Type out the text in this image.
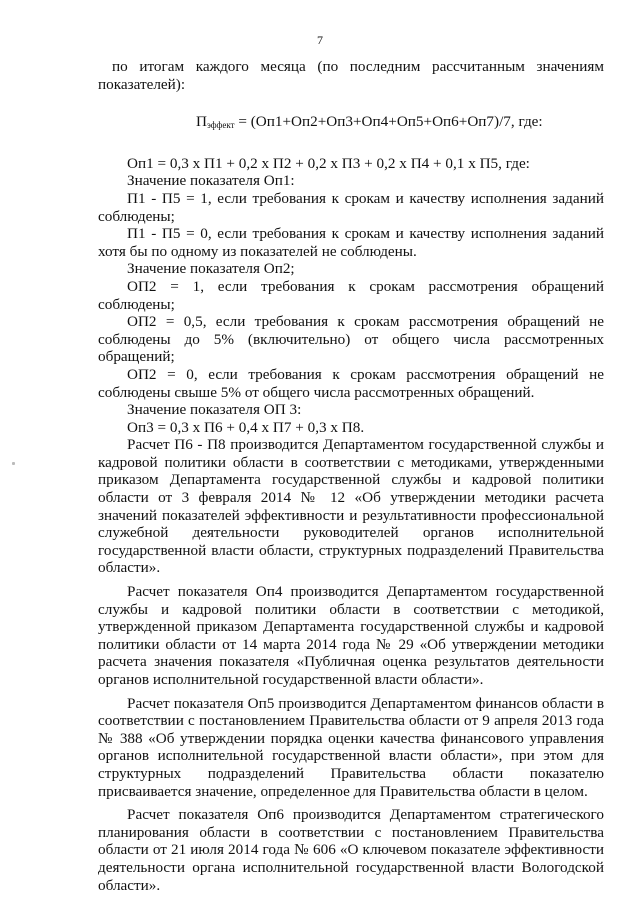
7

по итогам каждого месяца (по последним рассчитанным значениям показателей):

$П_{эффект} = (Оп1+Оп2+Оп3+Оп4+Оп5+Оп6+Оп7)/7$, где:

Оп1 = 0,3 х П1 + 0,2 х П2 + 0,2 х П3 + 0,2 х П4 + 0,1 х П5, где:

Значение показателя Оп1:

П1 - П5 = 1, если требования к срокам и качеству исполнения заданий соблюдены;

П1 - П5 = 0, если требования к срокам и качеству исполнения заданий хотя бы по одному из показателей не соблюдены.

Значение показателя Оп2;

ОП2 = 1, если требования к срокам рассмотрения обращений соблюдены;

ОП2 = 0,5, если требования к срокам рассмотрения обращений не соблюдены до 5% (включительно) от общего числа рассмотренных обращений;

ОП2 = 0, если требования к срокам рассмотрения обращений не соблюдены свыше 5% от общего числа рассмотренных обращений.

Значение показателя ОП 3:

Оп3 = 0,3 х П6 + 0,4 х П7 + 0,3 х П8.

Расчет П6 - П8 производится Департаментом государственной службы и кадровой политики области в соответствии с методиками, утвержденными приказом Департамента государственной службы и кадровой политики области от 3 февраля 2014 № 12 «Об утверждении методики расчета значений показателей эффективности и результативности профессиональной служебной деятельности руководителей органов исполнительной государственной власти области, структурных подразделений Правительства области».

Расчет показателя Оп4 производится Департаментом государственной службы и кадровой политики области в соответствии с методикой, утвержденной приказом Департамента государственной службы и кадровой политики области от 14 марта 2014 года № 29 «Об утверждении методики расчета значения показателя «Публичная оценка результатов деятельности органов исполнительной государственной власти области».

Расчет показателя Оп5 производится Департаментом финансов области в соответствии с постановлением Правительства области от 9 апреля 2013 года № 388 «Об утверждении порядка оценки качества финансового управления органов исполнительной государственной власти области», при этом для структурных подразделений Правительства области показателю присваивается значение, определенное для Правительства области в целом.

Расчет показателя Оп6 производится Департаментом стратегического планирования области в соответствии с постановлением Правительства области от 21 июля 2014 года № 606 «О ключевом показателе эффективности деятельности органа исполнительной государственной власти Вологодской области».
